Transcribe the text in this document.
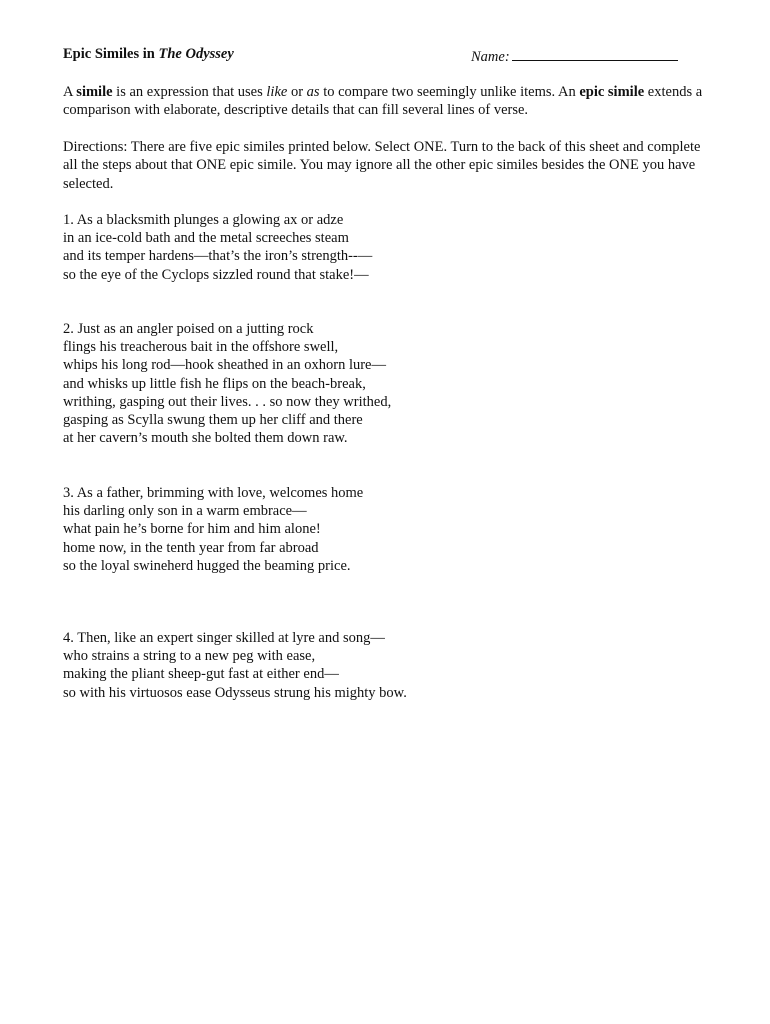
Epic Similes in The Odyssey	Name:

A simile is an expression that uses like or as to compare two seemingly unlike items. An epic simile extends a comparison with elaborate, descriptive details that can fill several lines of verse.

Directions: There are five epic similes printed below. Select ONE. Turn to the back of this sheet and complete all the steps about that ONE epic simile. You may ignore all the other epic similes besides the ONE you have selected.

1. As a blacksmith plunges a glowing ax or adze
in an ice-cold bath and the metal screeches steam
and its temper hardens—that’s the iron’s strength--—
so the eye of the Cyclops sizzled round that stake!—
2. Just as an angler poised on a jutting rock
flings his treacherous bait in the offshore swell,
whips his long rod—hook sheathed in an oxhorn lure—
and whisks up little fish he flips on the beach-break,
writhing, gasping out their lives. . . so now they writhed,
gasping as Scylla swung them up her cliff and there
at her cavern’s mouth she bolted them down raw.
3. As a father, brimming with love, welcomes home
his darling only son in a warm embrace—
what pain he’s borne for him and him alone!
home now, in the tenth year from far abroad
so the loyal swineherd hugged the beaming price.
4. Then, like an expert singer skilled at lyre and song—
who strains a string to a new peg with ease,
making the pliant sheep-gut fast at either end—
so with his virtuosos ease Odysseus strung his mighty bow.
